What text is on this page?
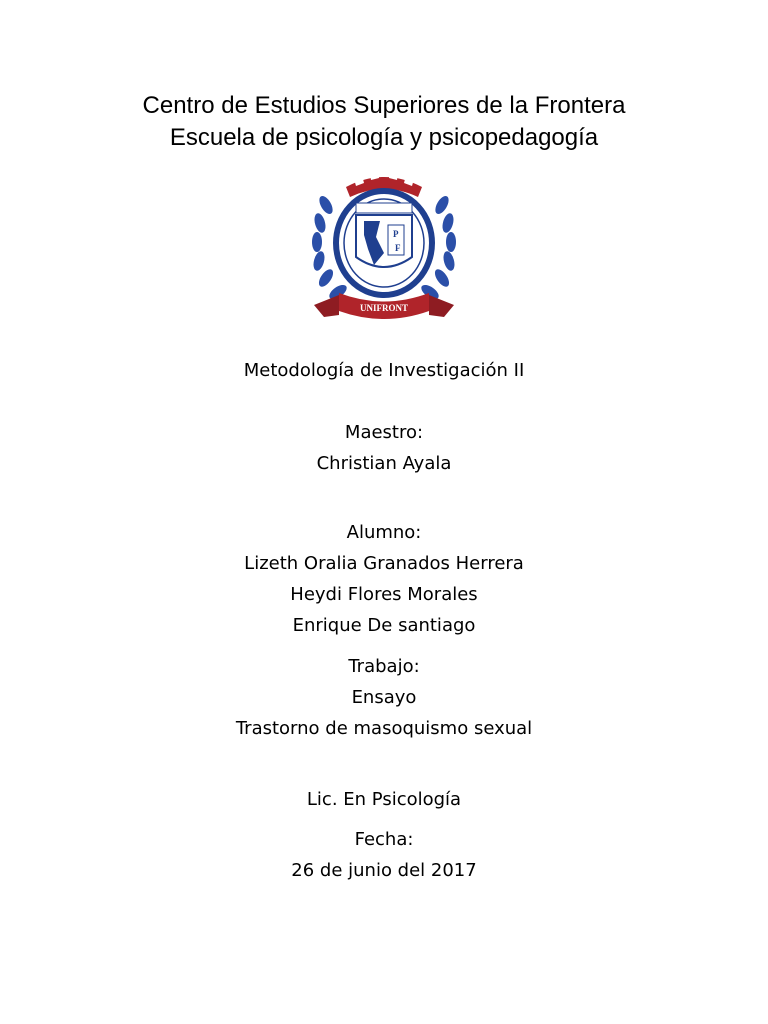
Centro de Estudios Superiores de la Frontera
Escuela de psicología y psicopedagogía
P
F
UNIFRONT
Metodología de Investigación II
Maestro:
Christian Ayala
Alumno:
Lizeth Oralia Granados Herrera
Heydi Flores Morales
Enrique De santiago
Trabajo:
Ensayo
Trastorno de masoquismo sexual
Lic. En Psicología
Fecha:
26 de junio del 2017
